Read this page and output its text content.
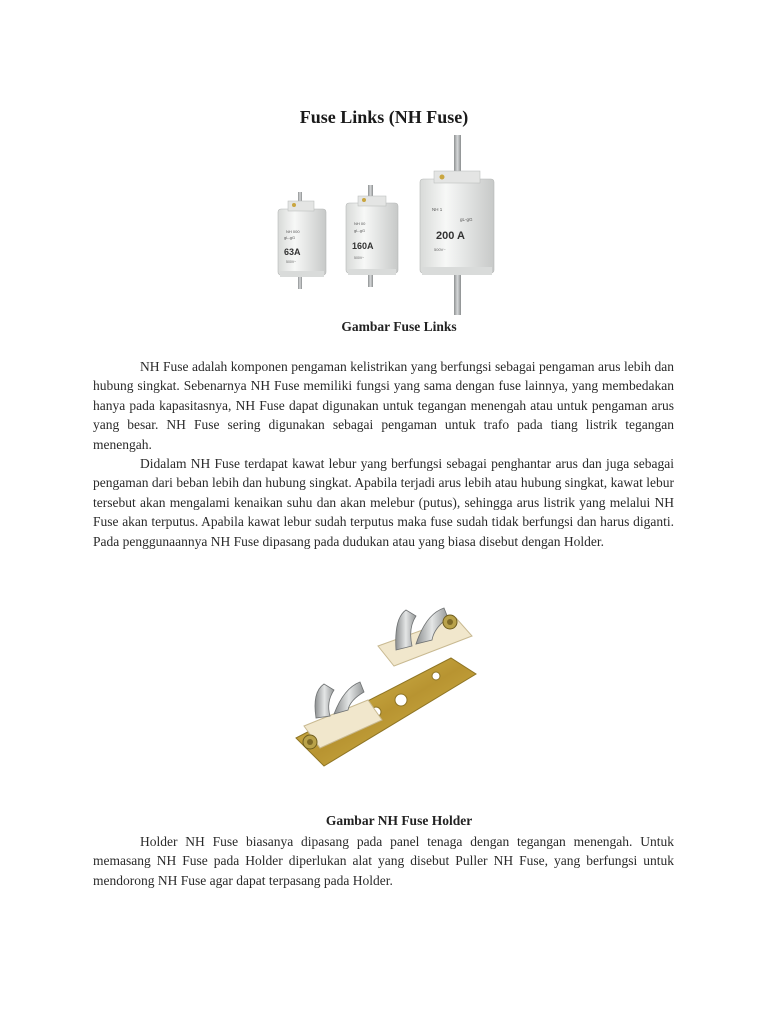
Fuse Links (NH Fuse)
NH 000
gL-gG
63A
500V~
NH 00
gL-gG
160A
500V~
NH 1
gL-gG
200 A
500V~
Gambar Fuse Links

NH Fuse adalah komponen pengaman kelistrikan yang berfungsi sebagai pengaman arus lebih dan hubung singkat. Sebenarnya NH Fuse memiliki fungsi yang sama dengan fuse lainnya, yang membedakan hanya pada kapasitasnya, NH Fuse dapat digunakan untuk tegangan menengah atau untuk pengaman arus yang besar. NH Fuse sering digunakan sebagai pengaman untuk trafo pada tiang listrik tegangan menengah.

Didalam NH Fuse terdapat kawat lebur yang berfungsi sebagai penghantar arus dan juga sebagai pengaman dari beban lebih dan hubung singkat. Apabila terjadi arus lebih atau hubung singkat, kawat lebur tersebut akan mengalami kenaikan suhu dan akan melebur (putus), sehingga arus listrik yang melalui NH Fuse akan terputus. Apabila kawat lebur sudah terputus maka fuse sudah tidak berfungsi dan harus diganti. Pada penggunaannya NH Fuse dipasang pada dudukan atau yang biasa disebut dengan Holder.

Gambar NH Fuse Holder

Holder NH Fuse biasanya dipasang pada panel tenaga dengan tegangan menengah. Untuk memasang NH Fuse pada Holder diperlukan alat yang disebut Puller NH Fuse, yang berfungsi untuk mendorong NH Fuse agar dapat terpasang pada Holder.
